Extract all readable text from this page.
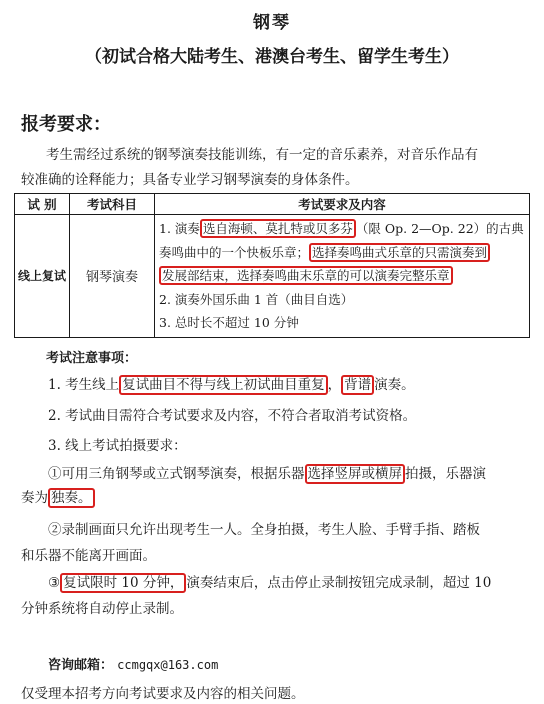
钢琴
（初试合格大陆考生、港澳台考生、留学生考生）
报考要求：
考生需经过系统的钢琴演奏技能训练，有一定的音乐素养，对音乐作品有
较准确的诠释能力；具备专业学习钢琴演奏的身体条件。
试 别	考试科目	考试要求及内容
线上复试	钢琴演奏	1. 演奏 选自海顿、莫扎特或贝多芬 （限 Op. 2—Op. 22）的古典
奏鸣曲中的一个快板乐章； 选择奏鸣曲式乐章的只需演奏到
发展部结束，选择奏鸣曲末乐章的可以演奏完整乐章
2. 演奏外国乐曲 1 首（曲目自选）
3. 总时长不超过 10 分钟
考试注意事项：
1. 考生线上 复试曲目不得与线上初试曲目重复 ， 背谱 演奏。
2. 考试曲目需符合考试要求及内容，不符合者取消考试资格。
3. 线上考试拍摄要求：
①可用三角钢琴或立式钢琴演奏，根据乐器 选择竖屏或横屏 拍摄，乐器演
奏为 独奏。
②录制画面只允许出现考生一人。全身拍摄，考生人脸、手臂手指、踏板
和乐器不能离开画面。
③ 复试限时 10 分钟， 演奏结束后，点击停止录制按钮完成录制，超过 10
分钟系统将自动停止录制。
咨询邮箱： ccmgqx@163.com
仅受理本招考方向考试要求及内容的相关问题。
